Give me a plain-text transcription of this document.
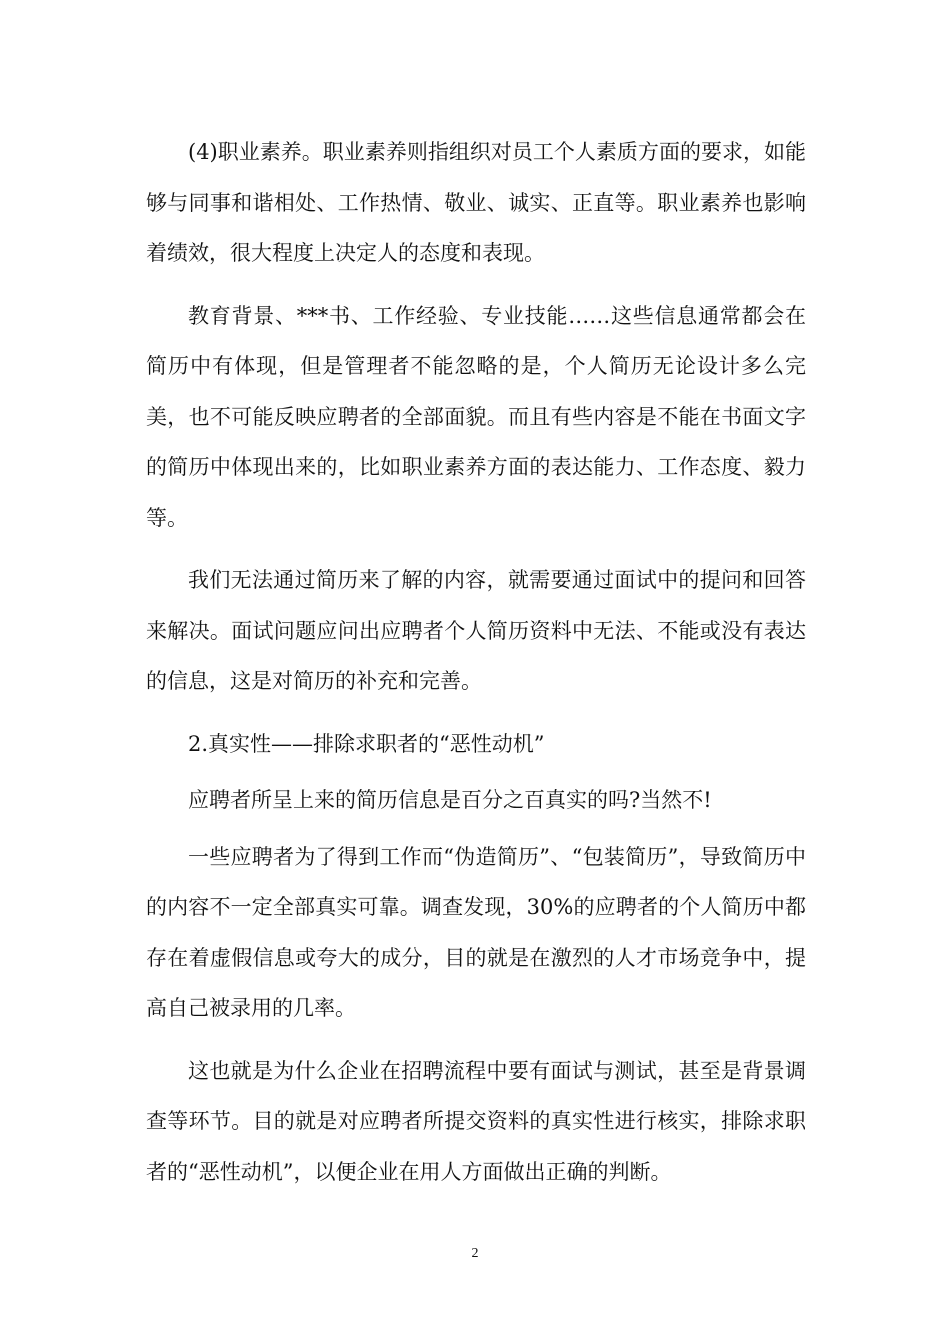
(4)职业素养。职业素养则指组织对员工个人素质方面的要求，如能够与同事和谐相处、工作热情、敬业、诚实、正直等。职业素养也影响着绩效，很大程度上决定人的态度和表现。

教育背景、***书、工作经验、专业技能……这些信息通常都会在简历中有体现，但是管理者不能忽略的是，个人简历无论设计多么完美，也不可能反映应聘者的全部面貌。而且有些内容是不能在书面文字的简历中体现出来的，比如职业素养方面的表达能力、工作态度、毅力等。

我们无法通过简历来了解的内容，就需要通过面试中的提问和回答来解决。面试问题应问出应聘者个人简历资料中无法、不能或没有表达的信息，这是对简历的补充和完善。

2.真实性——排除求职者的“恶性动机”

应聘者所呈上来的简历信息是百分之百真实的吗?当然不!

一些应聘者为了得到工作而“伪造简历”、“包装简历”，导致简历中的内容不一定全部真实可靠。调查发现，30%的应聘者的个人简历中都存在着虚假信息或夸大的成分，目的就是在激烈的人才市场竞争中，提高自己被录用的几率。

这也就是为什么企业在招聘流程中要有面试与测试，甚至是背景调查等环节。目的就是对应聘者所提交资料的真实性进行核实，排除求职者的“恶性动机”，以便企业在用人方面做出正确的判断。

2
